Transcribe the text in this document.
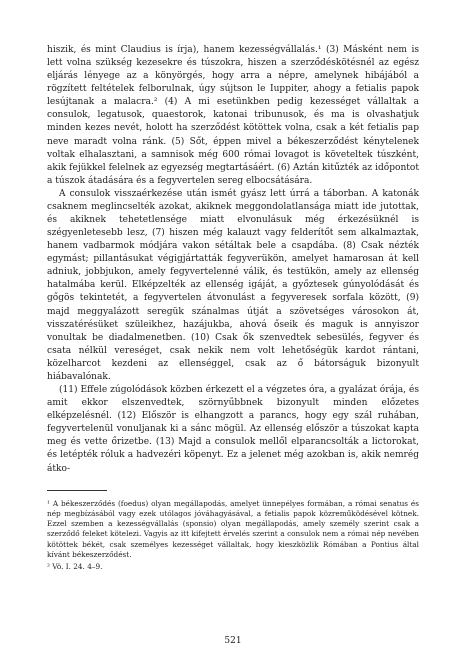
hiszik, és mint Claudius is írja), hanem kezességvállalás.¹ (3) Másként nem is lett volna szükség kezesekre és túszokra, hiszen a szerződéskötésnél az egész eljárás lényege az a könyörgés, hogy arra a népre, amelynek hibájából a rögzített feltételek felborulnak, úgy sújtson le Iuppiter, ahogy a fetialis papok lesújtanak a malacra.² (4) A mi esetünkben pedig kezességet vállaltak a consulok, legatusok, quaestorok, katonai tribunusok, és ma is olvashatjuk minden kezes nevét, holott ha szerződést kötöttek volna, csak a két fetialis pap neve maradt volna ránk. (5) Sőt, éppen mivel a békeszerződést kénytelenek voltak elhalasztani, a samnisok még 600 római lovagot is követeltek túszként, akik fejükkel felelnek az egyezség megtartásáért. (6) Aztán kitűzték az időpontot a túszok átadására és a fegyvertelen sereg elbocsátására.

A consulok visszaérkezése után ismét gyász lett úrrá a táborban. A katonák csaknem meglincselték azokat, akiknek meggondolatlansága miatt ide jutottak, és akiknek tehetetlensége miatt elvonulásuk még érkezésüknél is szégyenletesebb lesz, (7) hiszen még kalauzt vagy felderítőt sem alkalmaztak, hanem vadbarmok módjára vakon sétáltak bele a csapdába. (8) Csak nézték egymást; pillantásukat végigjártatták fegyverükön, amelyet hamarosan át kell adniuk, jobbjukon, amely fegyvertelenné válik, és testükön, amely az ellenség hatalmába kerül. Elképzelték az ellenség igáját, a győztesek gúnyolódását és gőgös tekintetét, a fegyvertelen átvonulást a fegyveresek sorfala között, (9) majd meggyalázott seregük szánalmas útját a szövetséges városokon át, visszatérésüket szüleikhez, hazájukba, ahová őseik és maguk is annyiszor vonultak be diadalmenetben. (10) Csak ők szenvedtek sebesülés, fegyver és csata nélkül vereséget, csak nekik nem volt lehetőségük kardot rántani, közelharcot kezdeni az ellenséggel, csak az ő bátorságuk bizonyult hiábavalónak.

(11) Effele zúgolódások közben érkezett el a végzetes óra, a gyalázat órája, és amit ekkor elszenvedtek, szörnyűbbnek bizonyult minden előzetes elképzelésnél. (12) Először is elhangzott a parancs, hogy egy szál ruhában, fegyvertelenül vonuljanak ki a sánc mögül. Az ellenség először a túszokat kapta meg és vette őrizetbe. (13) Majd a consulok mellől elparancsolták a lictorokat, és letépték róluk a hadvezéri köpenyt. Ez a jelenet még azokban is, akik nemrég átko-

¹ A békeszerződés (foedus) olyan megállapodás, amelyet ünnepélyes formában, a római senatus és nép megbízásából vagy ezek utólagos jóváhagyásával, a fetialis papok közreműködésével kötnek. Ezzel szemben a kezességvállalás (sponsio) olyan megállapodás, amely személy szerint csak a szerződő feleket kötelezi. Vagyis az itt kifejtett érvelés szerint a consulok nem a római nép nevében kötöttek békét, csak személyes kezességet vállaltak, hogy kieszközlik Rómában a Pontius által kívánt békeszerződést.

² Vö. I. 24. 4–9.

521
